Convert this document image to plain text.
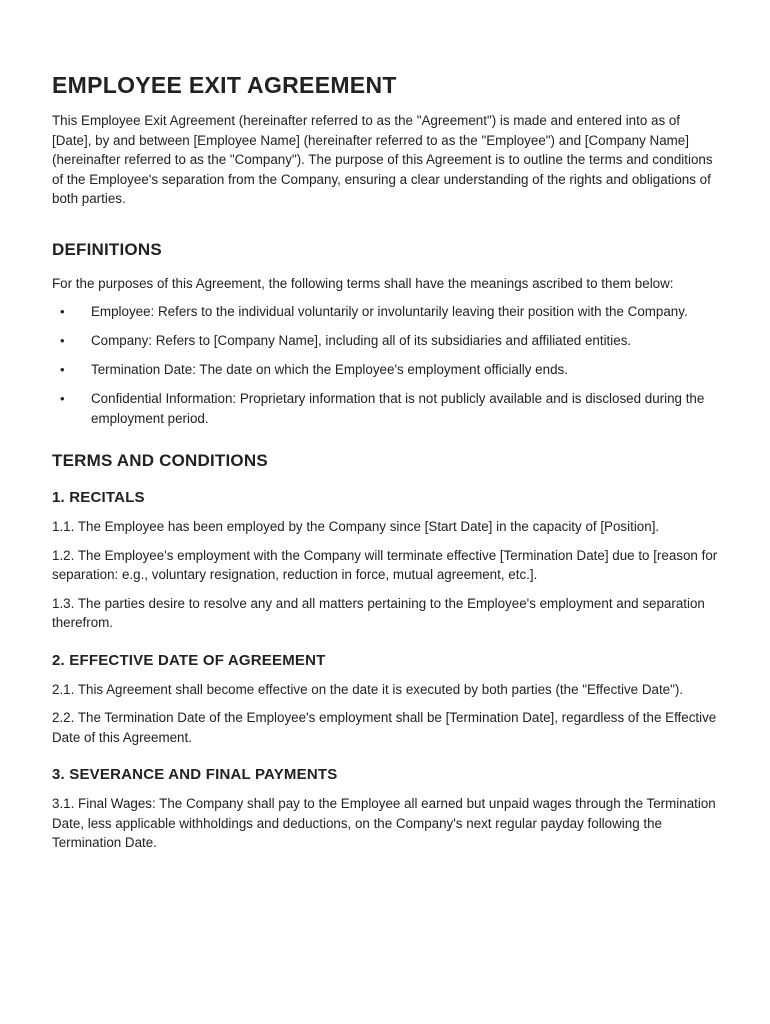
EMPLOYEE EXIT AGREEMENT

This Employee Exit Agreement (hereinafter referred to as the "Agreement") is made and entered into as of [Date], by and between [Employee Name] (hereinafter referred to as the "Employee") and [Company Name] (hereinafter referred to as the "Company"). The purpose of this Agreement is to outline the terms and conditions of the Employee's separation from the Company, ensuring a clear understanding of the rights and obligations of both parties.

DEFINITIONS

For the purposes of this Agreement, the following terms shall have the meanings ascribed to them below:

• Employee: Refers to the individual voluntarily or involuntarily leaving their position with the Company.
• Company: Refers to [Company Name], including all of its subsidiaries and affiliated entities.
• Termination Date: The date on which the Employee's employment officially ends.
• Confidential Information: Proprietary information that is not publicly available and is disclosed during the employment period.
TERMS AND CONDITIONS
1. RECITALS

1.1. The Employee has been employed by the Company since [Start Date] in the capacity of [Position].

1.2. The Employee's employment with the Company will terminate effective [Termination Date] due to [reason for separation: e.g., voluntary resignation, reduction in force, mutual agreement, etc.].

1.3. The parties desire to resolve any and all matters pertaining to the Employee's employment and separation therefrom.

2. EFFECTIVE DATE OF AGREEMENT

2.1. This Agreement shall become effective on the date it is executed by both parties (the "Effective Date").

2.2. The Termination Date of the Employee's employment shall be [Termination Date], regardless of the Effective Date of this Agreement.

3. SEVERANCE AND FINAL PAYMENTS

3.1. Final Wages: The Company shall pay to the Employee all earned but unpaid wages through the Termination Date, less applicable withholdings and deductions, on the Company's next regular payday following the Termination Date.
